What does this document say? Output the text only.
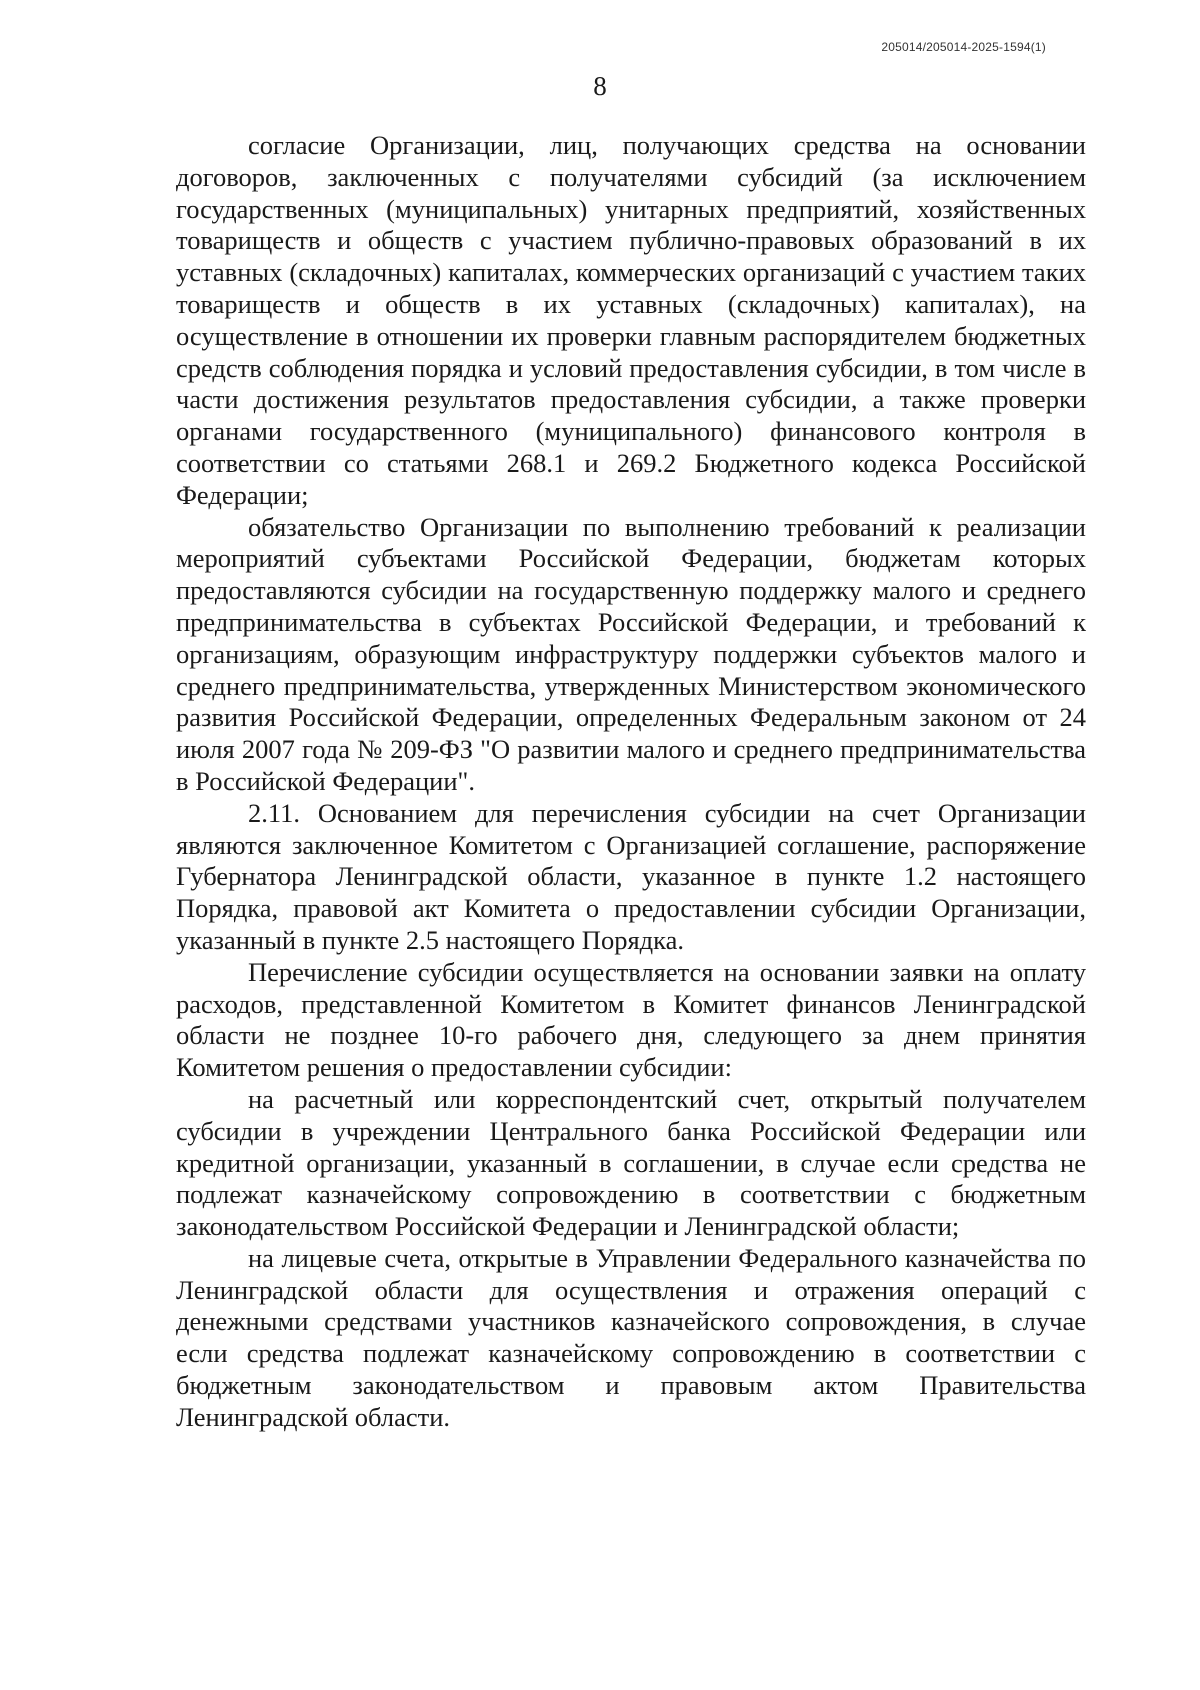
205014/205014-2025-1594(1)
8

согласие Организации, лиц, получающих средства на основании договоров, заключенных с получателями субсидий (за исключением государственных (муниципальных) унитарных предприятий, хозяйственных товариществ и обществ с участием публично-правовых образований в их уставных (складочных) капиталах, коммерческих организаций с участием таких товариществ и обществ в их уставных (складочных) капиталах), на осуществление в отношении их проверки главным распорядителем бюджетных средств соблюдения порядка и условий предоставления субсидии, в том числе в части достижения результатов предоставления субсидии, а также проверки органами государственного (муниципального) финансового контроля в соответствии со статьями 268.1 и 269.2 Бюджетного кодекса Российской Федерации;

обязательство Организации по выполнению требований к реализации мероприятий субъектами Российской Федерации, бюджетам которых предоставляются субсидии на государственную поддержку малого и среднего предпринимательства в субъектах Российской Федерации, и требований к организациям, образующим инфраструктуру поддержки субъектов малого и среднего предпринимательства, утвержденных Министерством экономического развития Российской Федерации, определенных Федеральным законом от 24 июля 2007 года № 209-ФЗ "О развитии малого и среднего предпринимательства в Российской Федерации".

2.11. Основанием для перечисления субсидии на счет Организации являются заключенное Комитетом с Организацией соглашение, распоряжение Губернатора Ленинградской области, указанное в пункте 1.2 настоящего Порядка, правовой акт Комитета о предоставлении субсидии Организации, указанный в пункте 2.5 настоящего Порядка.

Перечисление субсидии осуществляется на основании заявки на оплату расходов, представленной Комитетом в Комитет финансов Ленинградской области не позднее 10-го рабочего дня, следующего за днем принятия Комитетом решения о предоставлении субсидии:

на расчетный или корреспондентский счет, открытый получателем субсидии в учреждении Центрального банка Российской Федерации или кредитной организации, указанный в соглашении, в случае если средства не подлежат казначейскому сопровождению в соответствии с бюджетным законодательством Российской Федерации и Ленинградской области;

на лицевые счета, открытые в Управлении Федерального казначейства по Ленинградской области для осуществления и отражения операций с денежными средствами участников казначейского сопровождения, в случае если средства подлежат казначейскому сопровождению в соответствии с бюджетным законодательством и правовым актом Правительства Ленинградской области.
